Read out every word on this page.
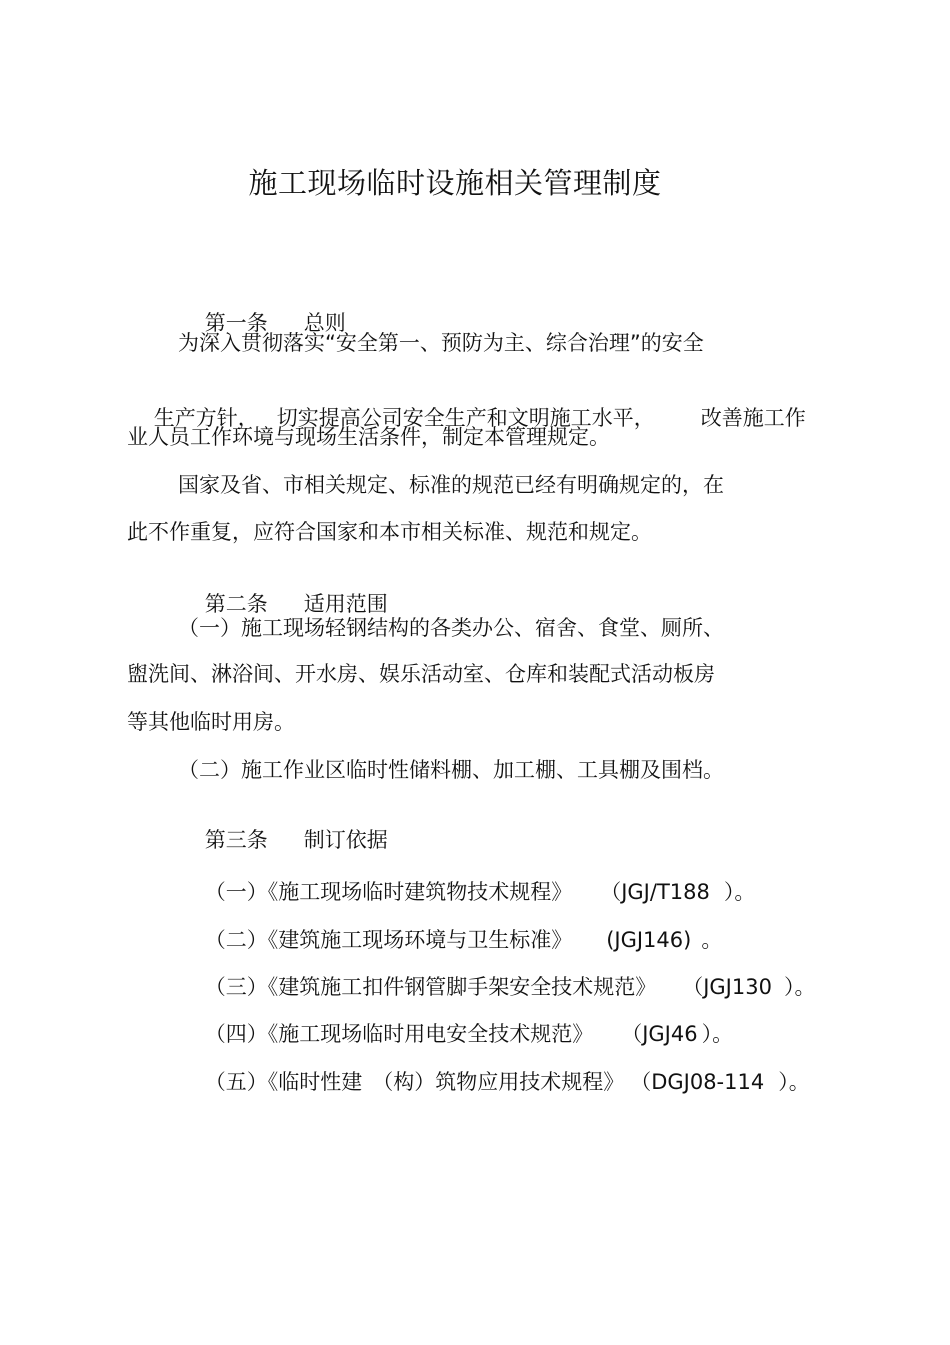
施工现场临时设施相关管理制度

第一条 总则

为深入贯彻落实“安全第一、预防为主、综合治理”的安全

生产方针， 切实提高公司安全生产和文明施工水平， 改善施工作

业人员工作环境与现场生活条件，制定本管理规定。
国家及省、市相关规定、标准的规范已经有明确规定的，在
此不作重复，应符合国家和本市相关标准、规范和规定。

第二条 适用范围

（一）施工现场轻钢结构的各类办公、宿舍、食堂、厕所、
盥洗间、淋浴间、开水房、娱乐活动室、仓库和装配式活动板房
等其他临时用房。
（二）施工作业区临时性储料棚、加工棚、工具棚及围档。

第三条 制订依据

（一）《施工现场临时建筑物技术规程》 （JGJ/T188 ）。

（二）《建筑施工现场环境与卫生标准》 (JGJ146) 。

（三）《建筑施工扣件钢管脚手架安全技术规范》 （JGJ130 ）。

（四）《施工现场临时用电安全技术规范》 （JGJ46 ）。

（五）《临时性建 （构）筑物应用技术规程》 （DGJ08-114 ）。
